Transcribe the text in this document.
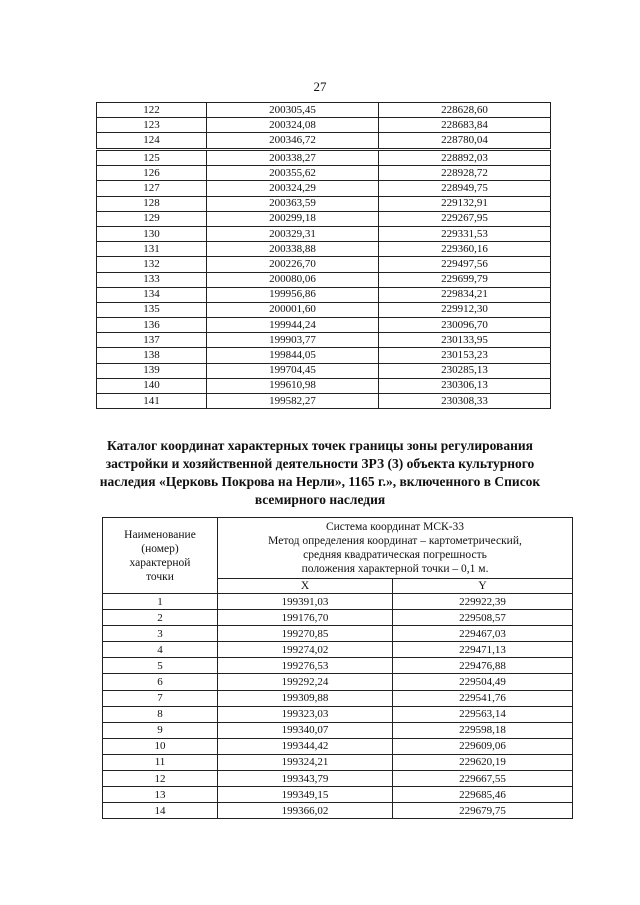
27
122	200305,45	228628,60
123	200324,08	228683,84
124	200346,72	228780,04
125	200338,27	228892,03
126	200355,62	228928,72
127	200324,29	228949,75
128	200363,59	229132,91
129	200299,18	229267,95
130	200329,31	229331,53
131	200338,88	229360,16
132	200226,70	229497,56
133	200080,06	229699,79
134	199956,86	229834,21
135	200001,60	229912,30
136	199944,24	230096,70
137	199903,77	230133,95
138	199844,05	230153,23
139	199704,45	230285,13
140	199610,98	230306,13
141	199582,27	230308,33
Каталог координат характерных точек границы зоны регулирования
застройки и хозяйственной деятельности ЗРЗ (3) объекта культурного
наследия «Церковь Покрова на Нерли», 1165 г.», включенного в Список
всемирного наследия
Наименование
(номер)
характерной
точки	Система координат МСК-33
Метод определения координат – картометрический,
средняя квадратическая погрешность
положения характерной точки – 0,1 м.	

	X	Y
1	199391,03	229922,39
2	199176,70	229508,57
3	199270,85	229467,03
4	199274,02	229471,13
5	199276,53	229476,88
6	199292,24	229504,49
7	199309,88	229541,76
8	199323,03	229563,14
9	199340,07	229598,18
10	199344,42	229609,06
11	199324,21	229620,19
12	199343,79	229667,55
13	199349,15	229685,46
14	199366,02	229679,75
